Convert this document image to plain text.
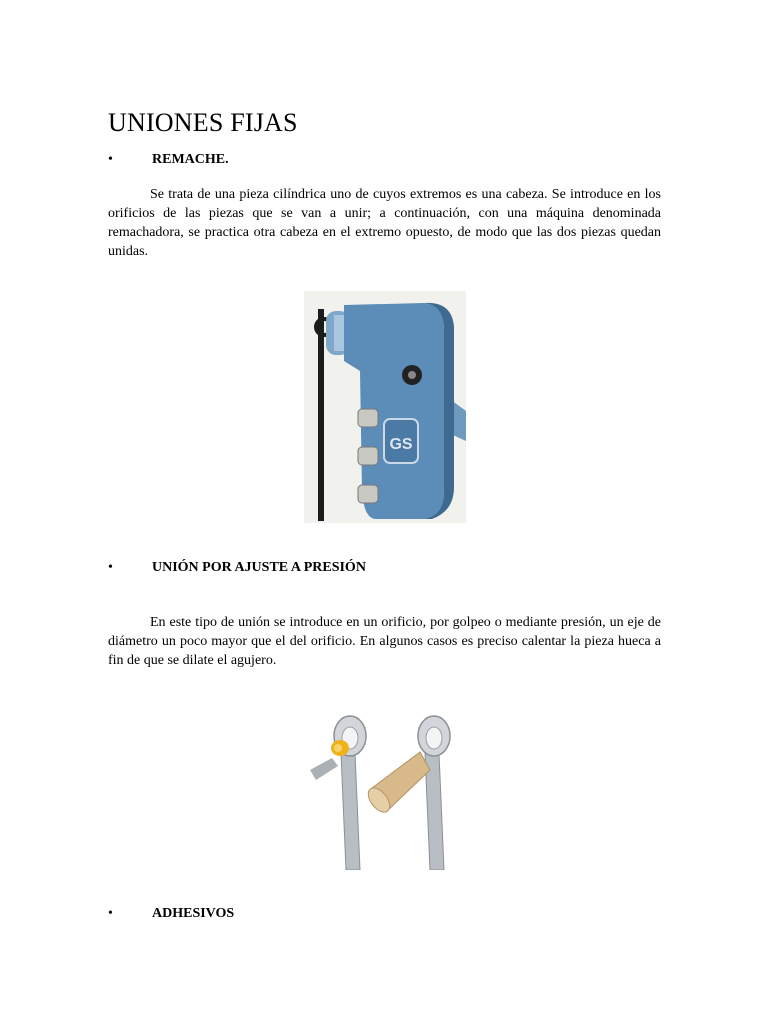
UNIONES FIJAS
•	REMACHE.

Se trata de una pieza cilíndrica uno de cuyos extremos es una cabeza. Se introduce en los orificios de las piezas que se van a unir; a continuación, con una máquina denominada remachadora, se practica otra cabeza en el extremo opuesto, de modo que las dos piezas quedan unidas.

GS
•	UNIÓN POR AJUSTE A PRESIÓN

En este tipo de unión se introduce en un orificio, por golpeo o mediante presión, un eje de diámetro un poco mayor que el del orificio. En algunos casos es preciso calentar la pieza hueca a fin de que se dilate el agujero.

•	ADHESIVOS
